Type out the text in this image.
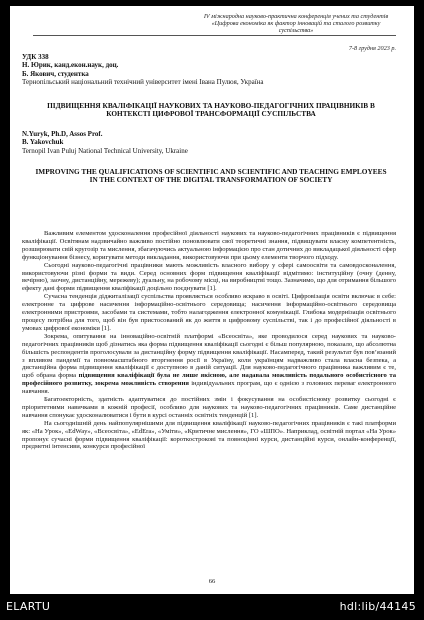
IV міжнародна науково-практична конференція учених та студентів
«Цифрова економіка як фактор інновацій та сталого розвитку суспільства»
7-8 грудня 2023 р.
УДК 338
Н. Юрик, канд.екон.наук, доц.
Б. Якович, студентка
Тернопільський національний технічний університет імені Івана Пулюя, Україна
ПІДВИЩЕННЯ КВАЛІФІКАЦІЇ НАУКОВИХ ТА НАУКОВО-ПЕДАГОГІЧНИХ ПРАЦІВНИКІВ В КОНТЕКСТІ ЦИФРОВОЇ ТРАНСФОРМАЦІЇ СУСПІЛЬСТВА
N.Yuryk, Ph.D, Assos Prof.
B. Yakovchuk
Ternopil Ivan Puluj National Technical University, Ukraine
IMPROVING THE QUALIFICATIONS OF SCIENTIFIC AND SCIENTIFIC AND TEACHING EMPLOYEES IN THE CONTEXT OF THE DIGITAL TRANSFORMATION OF SOCIETY

Важливим елементом удосконалення професійної діяльності наукових та науково-педагогічних працівників є підвищення кваліфікації. Освітянам надзвичайно важливо постійно поновлювати свої теоретичні знання, підвищувати власну компетентність, розширювати свій кругозір та мислення, збагачуючись актуальною інформацією про стан дотичних до викладацької діяльності сфер функціонування бізнесу, коригувати методи викладання, використовуючи при цьому елементи творчого підходу.

Сьогодні науково-педагогічні працівники мають можливість власного вибору у сфері самоосвіти та самовдосконалення, використовуючи різні форми та види. Серед основних форм підвищення кваліфікації відмітимо: інституційну (очну (денну, вечірню), заочну, дистанційну, мережеву); дуальну, на робочому місці, на виробництві тощо. Зазначимо, що для отримання більшого ефекту дані форми підвищення кваліфікації доцільно поєднувати [1].

Сучасна тенденція діджиталізації суспільства проявляється особливо яскраво в освіті. Цифровізація освіти включає в себе: електронне та цифрове насичення інформаційно-освітнього середовища; насичення інформаційно-освітнього середовища електронними пристроями, засобами та системами, тобто налагодження електронної комунікації. Глибока модернізація освітнього процесу потрібна для того, щоб він був пристосований як до життя в цифровому суспільстві, так і до професійної діяльності в умовах цифрової економіки [1].

Зокрема, опитування на інноваційно-освітній платформі «Всеосвіта», яке проводилося серед наукових та науково-педагогічних працівників щоб дізнатись яка форма підвищення кваліфікації сьогодні є більш популярною, показало, що абсолютна більшість респондентів проголосували за дистанційну форму підвищення кваліфікації. Насамперед, такий результат був пов’язаний з впливом пандемії та повномасштабного вторгнення росії в Україну, коли українцям надважливо стала власна безпека, а дистанційна форма підвищення кваліфікації є доступною в даній ситуації. Для науково-педагогічного працівника важливим є те, щоб обрана форма підвищення кваліфікації була не лише якісною, але надавала можливість подального особистісного та професійного розвитку, зокрема можливість створення індивідуальних програм, що є однією з головних переваг електронного навчання.

Багатоекторність, здатність адаптуватися до постійних змін і фокусування на особистісному розвитку сьогодні є пріоритетними навичками в кожній професії, особливо для наукових та науково-педагогічних працівників. Саме дистанційне навчання спонукає удосконалюватися і бути в курсі останніх освітніх тенденцій [1].

На сьогоднішній день найпопулярнішими для підвищення кваліфікації науково-педагогічних працівників є такі платформи як: «На Урок», «EdWay», «Всеосвіта», «EdEra», «Уміти», «Критичне мислення», ГО «ШПО». Наприклад, освітній портал «На Урок» пропонує сучасні форми підвищення кваліфікації: короткострокові та повноцінні курси, дистанційні курси, онлайн-конференції, предметні інтенсиви, конкурси професійної

66
ELARTU	hdl:lib/44145
